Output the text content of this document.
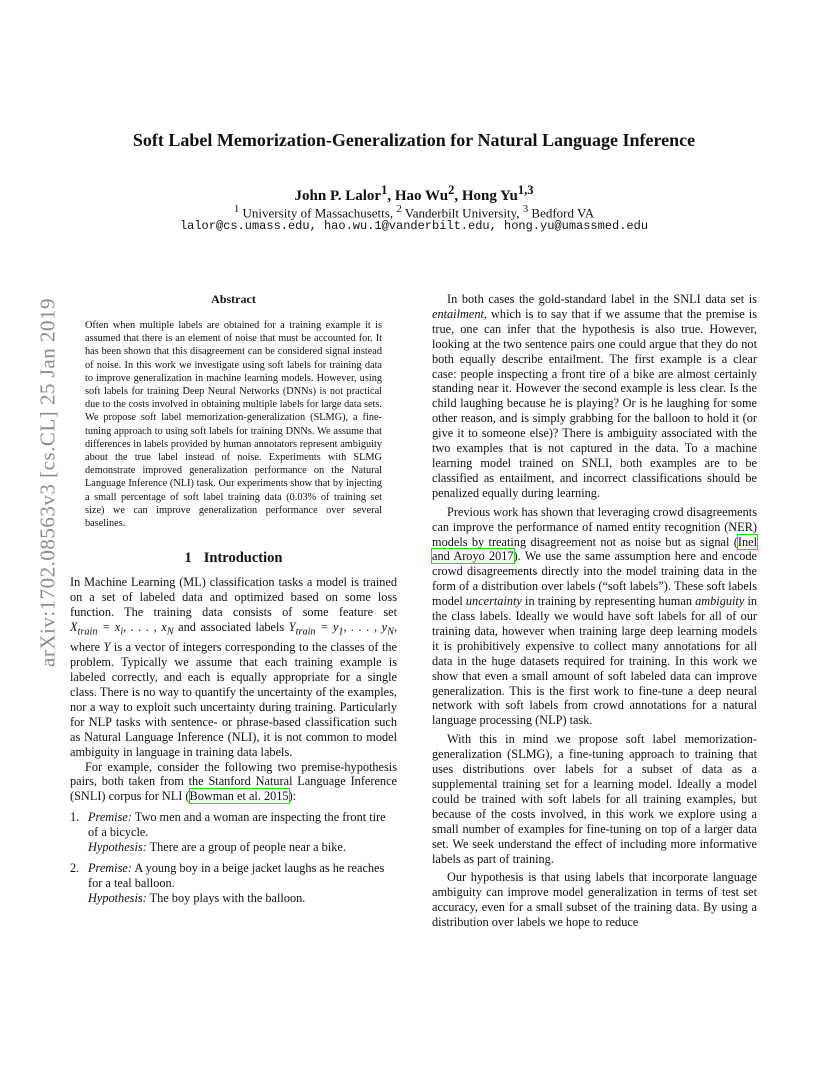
arXiv:1702.08563v3 [cs.CL] 25 Jan 2019
Soft Label Memorization-Generalization for Natural Language Inference
John P. Lalor$^1$, Hao Wu$^2$, Hong Yu$^{1,3}$
$^1$ University of Massachusetts, $^2$ Vanderbilt University, $^3$ Bedford VA
lalor@cs.umass.edu, hao.wu.1@vanderbilt.edu, hong.yu@umassmed.edu
Abstract

Often when multiple labels are obtained for a training example it is assumed that there is an element of noise that must be accounted for. It has been shown that this disagreement can be considered signal instead of noise. In this work we investigate using soft labels for training data to improve generalization in machine learning models. However, using soft labels for training Deep Neural Networks (DNNs) is not practical due to the costs involved in obtaining multiple labels for large data sets. We propose soft label memorization-generalization (SLMG), a fine-tuning approach to using soft labels for training DNNs. We assume that differences in labels provided by human annotators represent ambiguity about the true label instead of noise. Experiments with SLMG demonstrate improved generalization performance on the Natural Language Inference (NLI) task. Our experiments show that by injecting a small percentage of soft label training data (0.03% of training set size) we can improve generalization performance over several baselines.

1 Introduction

In Machine Learning (ML) classification tasks a model is trained on a set of labeled data and optimized based on some loss function. The training data consists of some feature set $X_{train} = x_i$, . . . , $x_N$ and associated labels $Y_{train} = y_1$, . . . , $y_N$, where Y is a vector of integers corresponding to the classes of the problem. Typically we assume that each training example is labeled correctly, and each is equally appropriate for a single class. There is no way to quantify the uncertainty of the examples, nor a way to exploit such uncertainty during training. Particularly for NLP tasks with sentence- or phrase-based classification such as Natural Language Inference (NLI), it is not common to model ambiguity in language in training data labels.

For example, consider the following two premise-hypothesis pairs, both taken from the Stanford Natural Language Inference (SNLI) corpus for NLI (Bowman et al. 2015):

1. Premise: Two men and a woman are inspecting the front tire of a bicycle.
Hypothesis: There are a group of people near a bike.
2. Premise: A young boy in a beige jacket laughs as he reaches for a teal balloon.
Hypothesis: The boy plays with the balloon.

In both cases the gold-standard label in the SNLI data set is entailment, which is to say that if we assume that the premise is true, one can infer that the hypothesis is also true. However, looking at the two sentence pairs one could argue that they do not both equally describe entailment. The first example is a clear case: people inspecting a front tire of a bike are almost certainly standing near it. However the second example is less clear. Is the child laughing because he is playing? Or is he laughing for some other reason, and is simply grabbing for the balloon to hold it (or give it to someone else)? There is ambiguity associated with the two examples that is not captured in the data. To a machine learning model trained on SNLI, both examples are to be classified as entailment, and incorrect classifications should be penalized equally during learning.

Previous work has shown that leveraging crowd disagreements can improve the performance of named entity recognition (NER) models by treating disagreement not as noise but as signal (Inel and Aroyo 2017). We use the same assumption here and encode crowd disagreements directly into the model training data in the form of a distribution over labels (“soft labels”). These soft labels model uncertainty in training by representing human ambiguity in the class labels. Ideally we would have soft labels for all of our training data, however when training large deep learning models it is prohibitively expensive to collect many annotations for all data in the huge datasets required for training. In this work we show that even a small amount of soft labeled data can improve generalization. This is the first work to fine-tune a deep neural network with soft labels from crowd annotations for a natural language processing (NLP) task.

With this in mind we propose soft label memorization-generalization (SLMG), a fine-tuning approach to training that uses distributions over labels for a subset of data as a supplemental training set for a learning model. Ideally a model could be trained with soft labels for all training examples, but because of the costs involved, in this work we explore using a small number of examples for fine-tuning on top of a larger data set. We seek understand the effect of including more informative labels as part of training.

Our hypothesis is that using labels that incorporate language ambiguity can improve model generalization in terms of test set accuracy, even for a small subset of the training data. By using a distribution over labels we hope to reduce
